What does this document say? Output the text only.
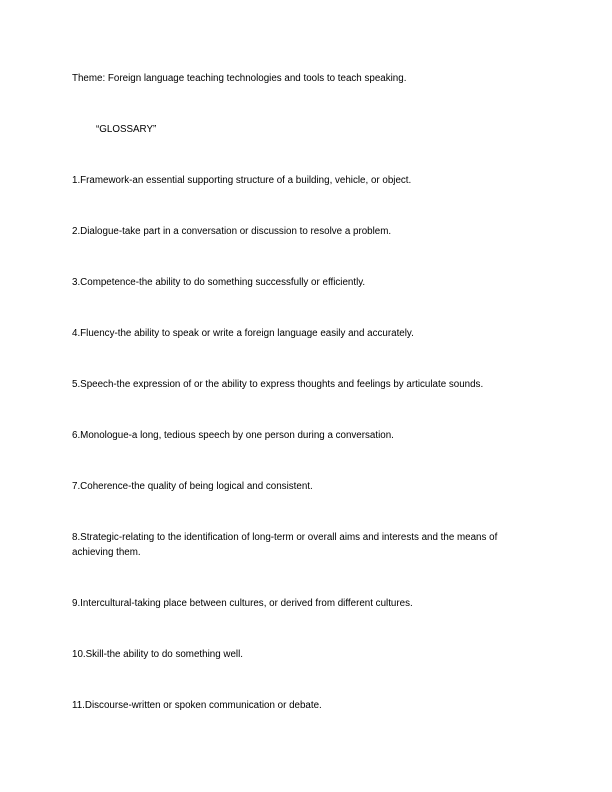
Theme: Foreign language teaching technologies and tools to teach speaking.
“GLOSSARY”
1.Framework-an essential supporting structure of a building, vehicle, or object.
2.Dialogue-take part in a conversation or discussion to resolve a problem.
3.Competence-the ability to do something successfully or efficiently.
4.Fluency-the ability to speak or write a foreign language easily and accurately.
5.Speech-the expression of or the ability to express thoughts and feelings by articulate sounds.
6.Monologue-a long, tedious speech by one person during a conversation.
7.Coherence-the quality of being logical and consistent.
8.Strategic-relating to the identification of long-term or overall aims and interests and the means of achieving them.
9.Intercultural-taking place between cultures, or derived from different cultures.
10.Skill-the ability to do something well.
11.Discourse-written or spoken communication or debate.
